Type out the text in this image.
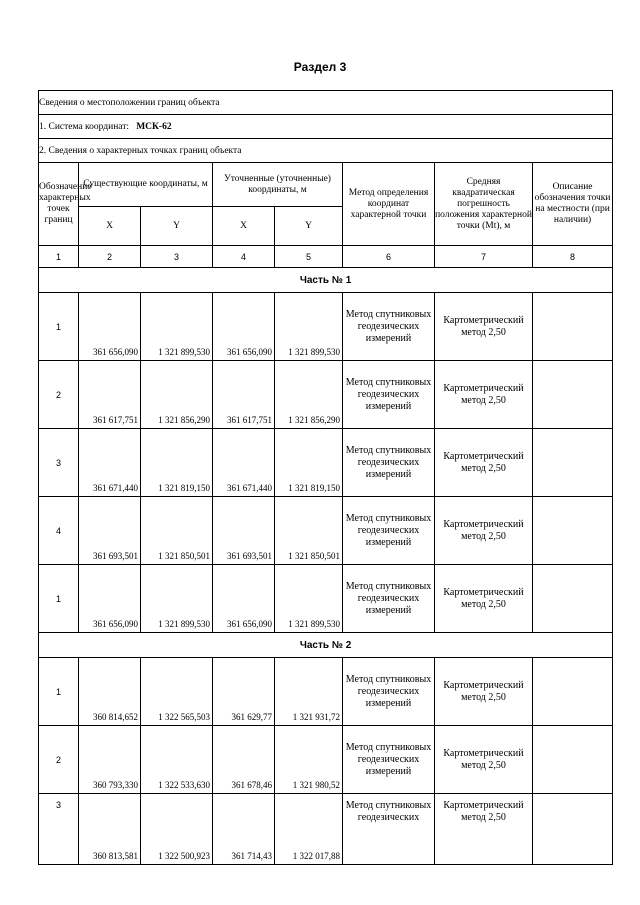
Раздел 3
Сведения о местоположении границ объекта							
1. Система координат: МСК-62							
2. Сведения о характерных точках границ объекта							
Обозначение характерных точек границ	Существующие координаты, м		Уточненные (уточненные) координаты, м		Метод определения координат характерной точки	Средняя квадратическая погрешность положения характерной точки (Mt), м	Описание обозначения точки на местности (при наличии)
	X	Y	X	Y			
1	2	3	4	5	6	7	8
Часть № 1							
1	361 656,090	1 321 899,530	361 656,090	1 321 899,530	Метод спутниковых геодезических измерений	Картометрический метод 2,50	
2	361 617,751	1 321 856,290	361 617,751	1 321 856,290	Метод спутниковых геодезических измерений	Картометрический метод 2,50	
3	361 671,440	1 321 819,150	361 671,440	1 321 819,150	Метод спутниковых геодезических измерений	Картометрический метод 2,50	
4	361 693,501	1 321 850,501	361 693,501	1 321 850,501	Метод спутниковых геодезических измерений	Картометрический метод 2,50	
1	361 656,090	1 321 899,530	361 656,090	1 321 899,530	Метод спутниковых геодезических измерений	Картометрический метод 2,50	
Часть № 2							
1	360 814,652	1 322 565,503	361 629,77	1 321 931,72	Метод спутниковых геодезических измерений	Картометрический метод 2,50	
2	360 793,330	1 322 533,630	361 678,46	1 321 980,52	Метод спутниковых геодезических измерений	Картометрический метод 2,50	
3	360 813,581	1 322 500,923	361 714,43	1 322 017,88	Метод спутниковых геодезических	Картометрический метод 2,50	
